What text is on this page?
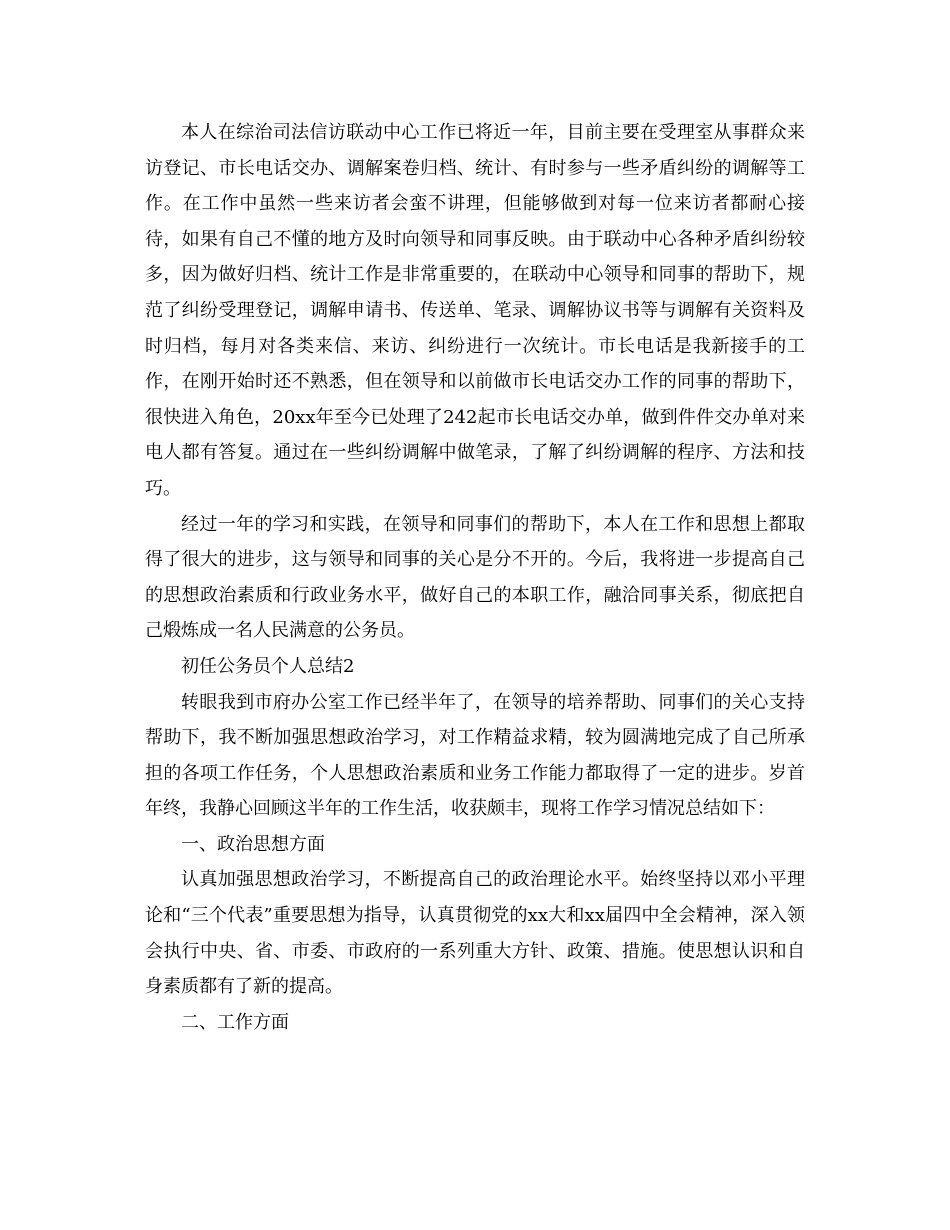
本人在综治司法信访联动中心工作已将近一年，目前主要在受理室从事群众来访登记、市长电话交办、调解案卷归档、统计、有时参与一些矛盾纠纷的调解等工作。在工作中虽然一些来访者会蛮不讲理，但能够做到对每一位来访者都耐心接待，如果有自己不懂的地方及时向领导和同事反映。由于联动中心各种矛盾纠纷较多，因为做好归档、统计工作是非常重要的，在联动中心领导和同事的帮助下，规范了纠纷受理登记，调解申请书、传送单、笔录、调解协议书等与调解有关资料及时归档，每月对各类来信、来访、纠纷进行一次统计。市长电话是我新接手的工作，在刚开始时还不熟悉，但在领导和以前做市长电话交办工作的同事的帮助下，很快进入角色，20xx年至今已处理了242起市长电话交办单，做到件件交办单对来电人都有答复。通过在一些纠纷调解中做笔录，了解了纠纷调解的程序、方法和技巧。

经过一年的学习和实践，在领导和同事们的帮助下，本人在工作和思想上都取得了很大的进步，这与领导和同事的关心是分不开的。今后，我将进一步提高自己的思想政治素质和行政业务水平，做好自己的本职工作，融洽同事关系，彻底把自己煅炼成一名人民满意的公务员。

初任公务员个人总结2

转眼我到市府办公室工作已经半年了，在领导的培养帮助、同事们的关心支持帮助下，我不断加强思想政治学习，对工作精益求精，较为圆满地完成了自己所承担的各项工作任务，个人思想政治素质和业务工作能力都取得了一定的进步。岁首年终，我静心回顾这半年的工作生活，收获颇丰，现将工作学习情况总结如下：

一、政治思想方面

认真加强思想政治学习，不断提高自己的政治理论水平。始终坚持以邓小平理论和“三个代表”重要思想为指导，认真贯彻党的xx大和xx届四中全会精神，深入领会执行中央、省、市委、市政府的一系列重大方针、政策、措施。使思想认识和自身素质都有了新的提高。

二、工作方面
